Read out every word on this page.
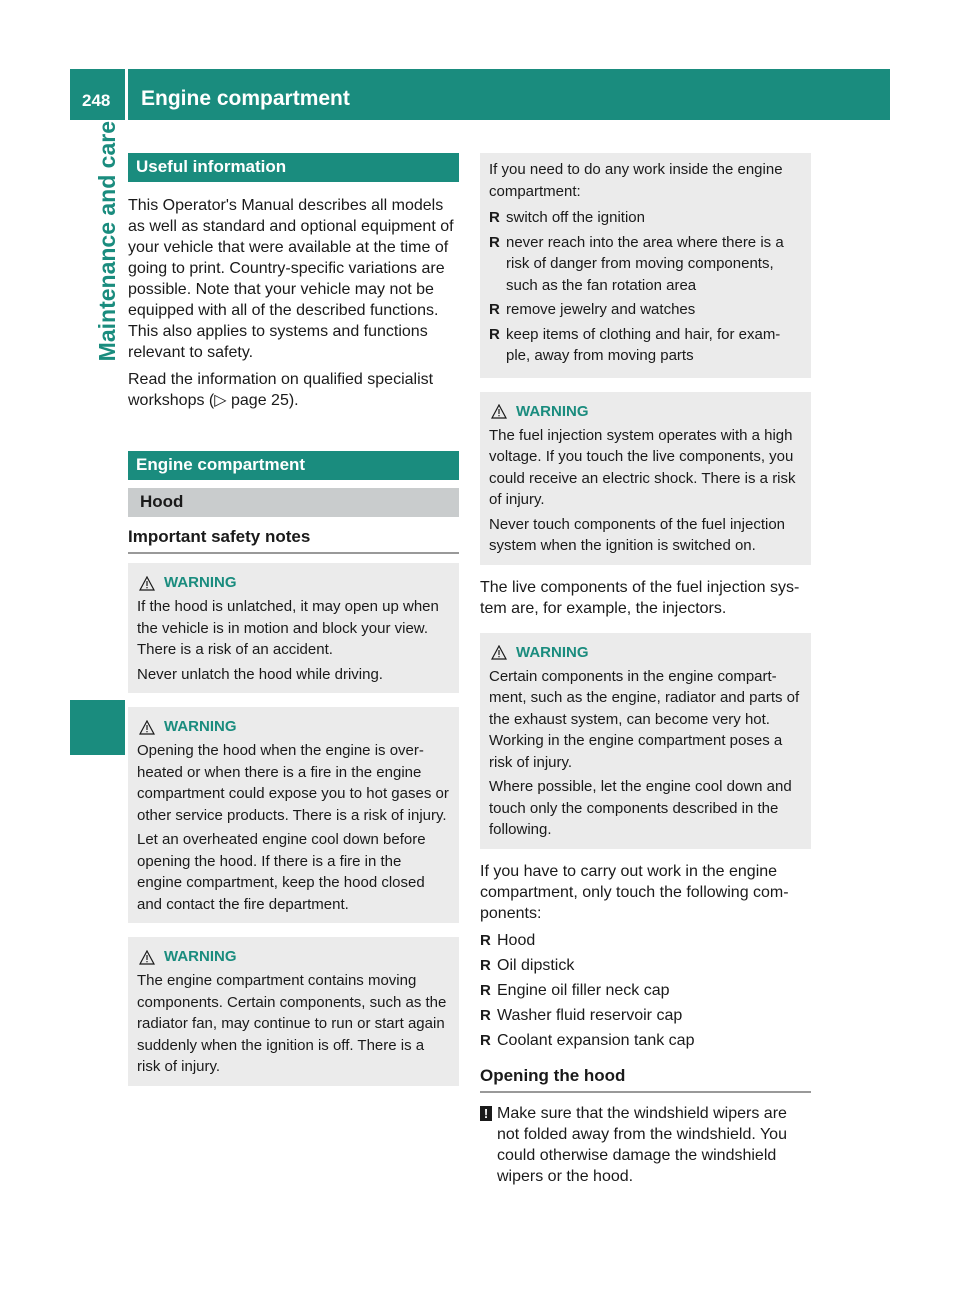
248 Engine compartment
Maintenance and care Useful information

This Operator's Manual describes all models as well as standard and optional equipment of your vehicle that were available at the time of going to print. Country-specific variations are possible. Note that your vehicle may not be equipped with all of the described functions. This also applies to systems and functions relevant to safety.

Read the information on qualified specialist workshops (▷ page 25).

Engine compartment
Hood
Important safety notes
WARNING

If the hood is unlatched, it may open up when the vehicle is in motion and block your view. There is a risk of an accident.

Never unlatch the hood while driving.

WARNING

Opening the hood when the engine is over-heated or when there is a fire in the engine compartment could expose you to hot gases or other service products. There is a risk of injury.

Let an overheated engine cool down before opening the hood. If there is a fire in the engine compartment, keep the hood closed and contact the fire department.

WARNING

The engine compartment contains moving components. Certain components, such as the radiator fan, may continue to run or start again suddenly when the ignition is off. There is a risk of injury.

If you need to do any work inside the engine compartment:

R switch off the ignition
R never reach into the area where there is a risk of danger from moving components, such as the fan rotation area
R remove jewelry and watches
R keep items of clothing and hair, for exam-ple, away from moving parts
WARNING

The fuel injection system operates with a high voltage. If you touch the live components, you could receive an electric shock. There is a risk of injury.

Never touch components of the fuel injection system when the ignition is switched on.

The live components of the fuel injection sys-tem are, for example, the injectors.

WARNING

Certain components in the engine compart-ment, such as the engine, radiator and parts of the exhaust system, can become very hot. Working in the engine compartment poses a risk of injury.

Where possible, let the engine cool down and touch only the components described in the following.

If you have to carry out work in the engine compartment, only touch the following com-ponents:

R Hood
R Oil dipstick
R Engine oil filler neck cap
R Washer fluid reservoir cap
R Coolant expansion tank cap
Opening the hood
! Make sure that the windshield wipers are not folded away from the windshield. You could otherwise damage the windshield wipers or the hood.
